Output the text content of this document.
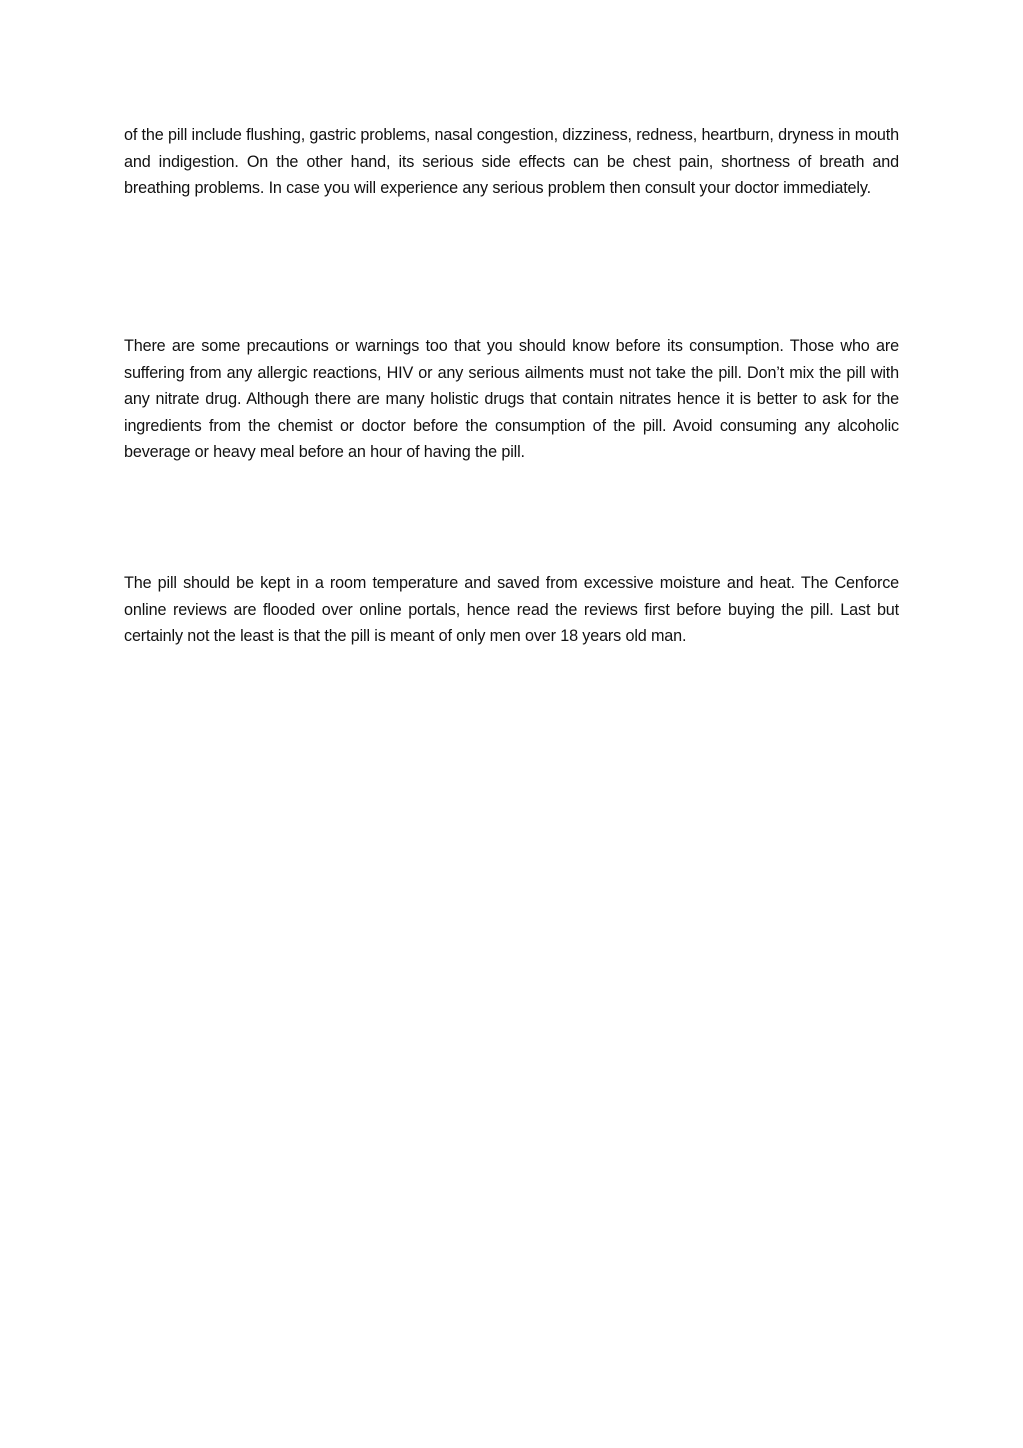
of the pill include flushing, gastric problems, nasal congestion, dizziness, redness, heartburn, dryness in mouth and indigestion. On the other hand, its serious side effects can be chest pain, shortness of breath and breathing problems. In case you will experience any serious problem then consult your doctor immediately.

There are some precautions or warnings too that you should know before its consumption. Those who are suffering from any allergic reactions, HIV or any serious ailments must not take the pill. Don’t mix the pill with any nitrate drug. Although there are many holistic drugs that contain nitrates hence it is better to ask for the ingredients from the chemist or doctor before the consumption of the pill. Avoid consuming any alcoholic beverage or heavy meal before an hour of having the pill.

The pill should be kept in a room temperature and saved from excessive moisture and heat. The Cenforce online reviews are flooded over online portals, hence read the reviews first before buying the pill. Last but certainly not the least is that the pill is meant of only men over 18 years old man.
